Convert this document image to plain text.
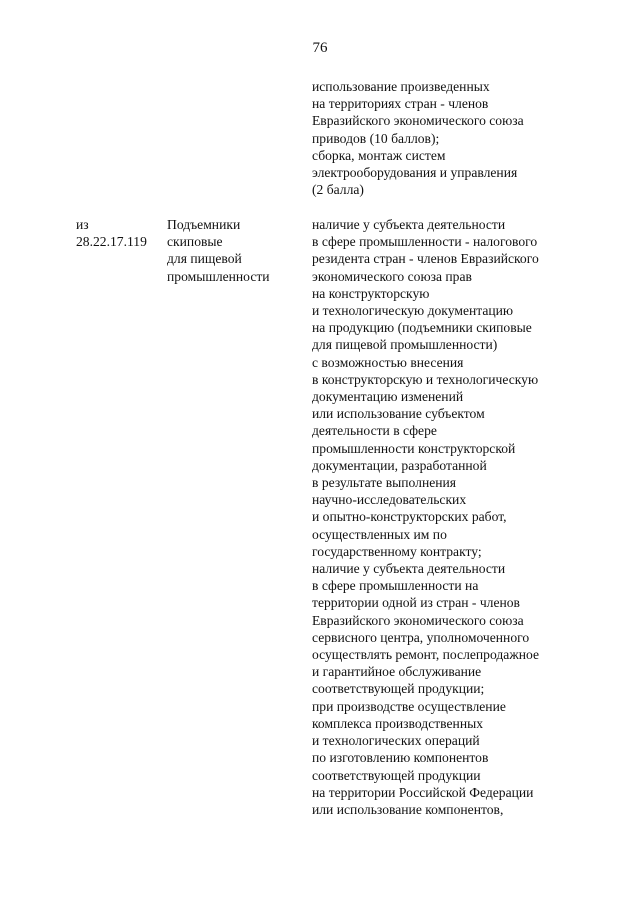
76
использование произведенных
на территориях стран - членов
Евразийского экономического союза
приводов (10 баллов);
сборка, монтаж систем
электрооборудования и управления
(2 балла)
из
28.22.17.119
Подъемники
скиповые
для пищевой
промышленности
наличие у субъекта деятельности
в сфере промышленности - налогового
резидента стран - членов Евразийского
экономического союза прав
на конструкторскую
и технологическую документацию
на продукцию (подъемники скиповые
для пищевой промышленности)
с возможностью внесения
в конструкторскую и технологическую
документацию изменений
или использование субъектом
деятельности в сфере
промышленности конструкторской
документации, разработанной
в результате выполнения
научно-исследовательских
и опытно-конструкторских работ,
осуществленных им по
государственному контракту;
наличие у субъекта деятельности
в сфере промышленности на
территории одной из стран - членов
Евразийского экономического союза
сервисного центра, уполномоченного
осуществлять ремонт, послепродажное
и гарантийное обслуживание
соответствующей продукции;
при производстве осуществление
комплекса производственных
и технологических операций
по изготовлению компонентов
соответствующей продукции
на территории Российской Федерации
или использование компонентов,
